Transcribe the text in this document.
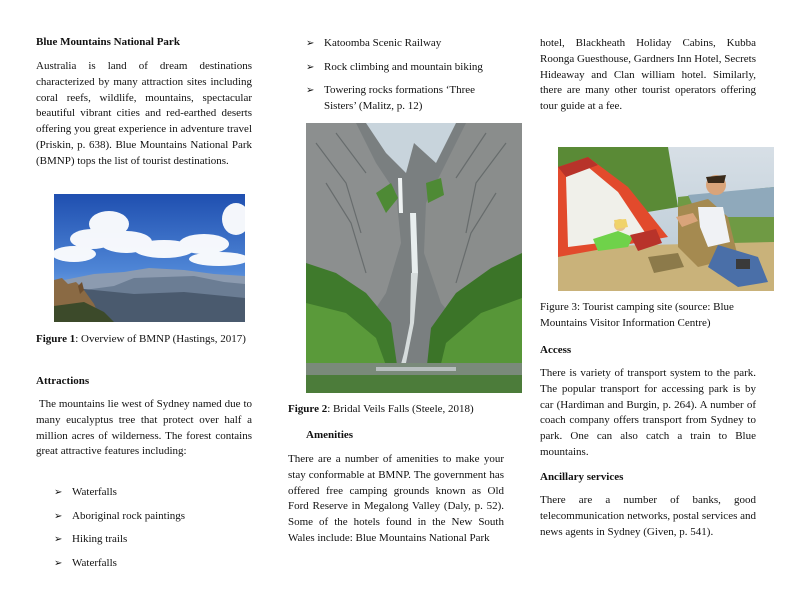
Blue Mountains National Park

Australia is land of dream destinations characterized by many attraction sites including coral reefs, wildlife, mountains, spectacular beautiful vibrant cities and red-earthed deserts offering you great experience in adventure travel (Priskin, p. 638). Blue Mountains National Park (BMNP) tops the list of tourist destinations.

Figure 1: Overview of BMNP (Hastings, 2017)

Attractions

The mountains lie west of Sydney named due to many eucalyptus tree that protect over half a million acres of wilderness. The forest contains great attractive features including:

➢ Waterfalls
➢ Aboriginal rock paintings
➢ Hiking trails
➢ Waterfalls
➢ Katoomba Scenic Railway
➢ Rock climbing and mountain biking
➢ Towering rocks formations ‘Three Sisters’ (Malitz, p. 12)

Figure 2: Bridal Veils Falls (Steele, 2018)

Amenities

There are a number of amenities to make your stay conformable at BMNP. The government has offered free camping grounds known as Old Ford Reserve in Megalong Valley (Daly, p. 52). Some of the hotels found in the New South Wales include: Blue Mountains National Park

hotel, Blackheath Holiday Cabins, Kubba Roonga Guesthouse, Gardners Inn Hotel, Secrets Hideaway and Clan william hotel. Similarly, there are many other tourist operators offering tour guide at a fee.

Figure 3: Tourist camping site (source: Blue Mountains Visitor Information Centre)

Access

There is variety of transport system to the park. The popular transport for accessing park is by car (Hardiman and Burgin, p. 264). A number of coach company offers transport from Sydney to park. One can also catch a train to Blue mountains.

Ancillary services

There are a number of banks, good telecommunication networks, postal services and news agents in Sydney (Given, p. 541).
